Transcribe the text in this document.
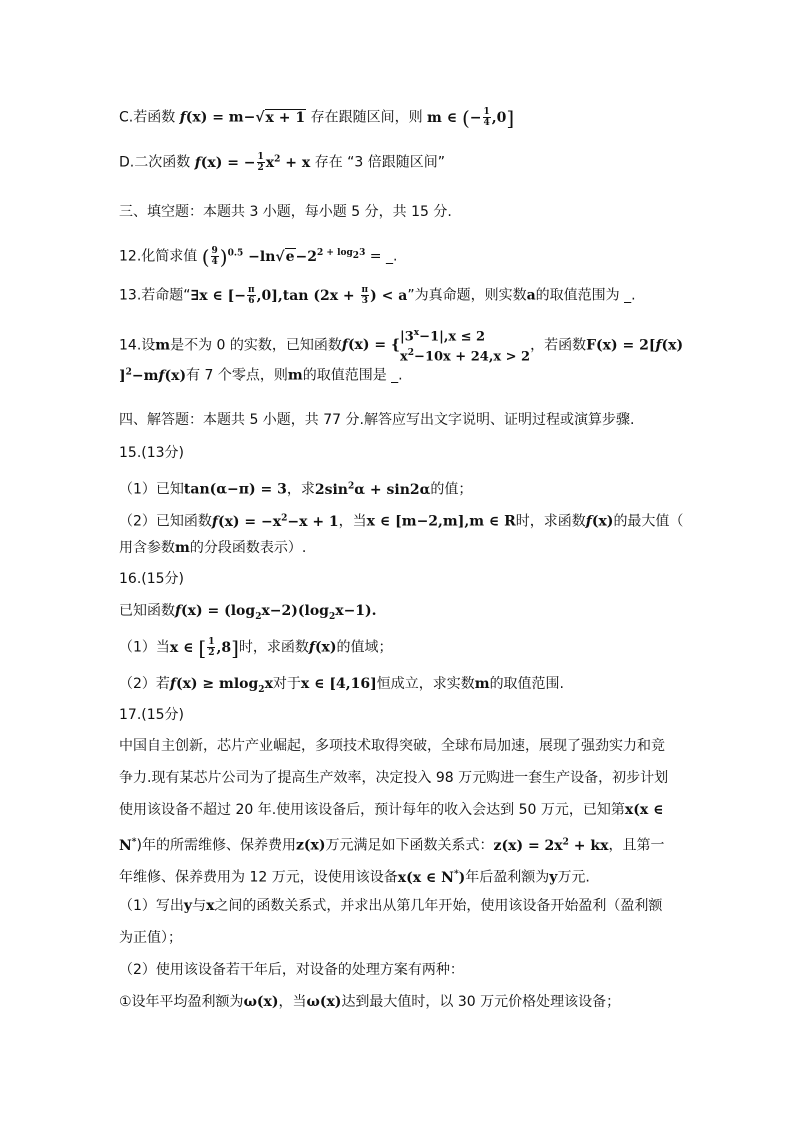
C.若函数 f(x) = m−√x + 1 存在跟随区间，则 m ∈ (− $\frac{1}{4} ,0$]
D.二次函数 f(x) = − $\frac{1}{2} x^2 + x$ 存在 “3 倍跟随区间”
三、填空题：本题共 3 小题，每小题 5 分，共 15 分.
12.化简求值 ( $\frac{9}{4} )^{0.5} -\ln√e-2^{2 + log_23}$ = _.
13.若命题“∃x ∈ [− $\frac{\pi}{6} ,0],\tan$ ($2x + \frac{\pi}{3}$ ) < a”为真命题，则实数a的取值范围为 _.
14.设m是不为 0 的实数，已知函数$f(x) = \{|3^x-1|,x \le 2$
$x^2-10x + 24,x > 2$，若函数F(x) = 2[f(x)
]$^2$−mf(x)有 7 个零点，则m的取值范围是 _.
四、解答题：本题共 5 小题，共 77 分.解答应写出文字说明、证明过程或演算步骤.
15.(13分)
（1）已知tan(α−π) = 3，求$2\sin^2\alpha + \sin 2\alpha$的值；
（2）已知函数$f(x) = -x^2-x + 1$，当x ∈ [m−2,m],m ∈ R时，求函数f(x)的最大值（
用含参数m的分段函数表示）.
16.(15分)
已知函数$f(x) = (\log_2x-2)(\log_2x-1)$.
（1）当x ∈ [ $\frac{1}{2} ,8$]时，求函数f(x)的值域；
（2）若f(x) ≥ mlog$_2$x对于x ∈ [4,16]恒成立，求实数m的取值范围.
17.(15分)
中国自主创新，芯片产业崛起，多项技术取得突破，全球布局加速，展现了强劲实力和竞
争力.现有某芯片公司为了提高生产效率，决定投入 98 万元购进一套生产设备，初步计划
使用该设备不超过 20 年.使用该设备后，预计每年的收入会达到 50 万元，已知第x(x ∈
N*)年的所需维修、保养费用z(x)万元满足如下函数关系式：$z(x) = 2x^2$ + kx，且第一
年维修、保养费用为 12 万元，设使用该设备x(x ∈ N*)年后盈利额为y万元.
（1）写出y与x之间的函数关系式，并求出从第几年开始，使用该设备开始盈利（盈利额
为正值）；
（2）使用该设备若干年后，对设备的处理方案有两种：
①设年平均盈利额为ω(x)，当ω(x)达到最大值时，以 30 万元价格处理该设备；
